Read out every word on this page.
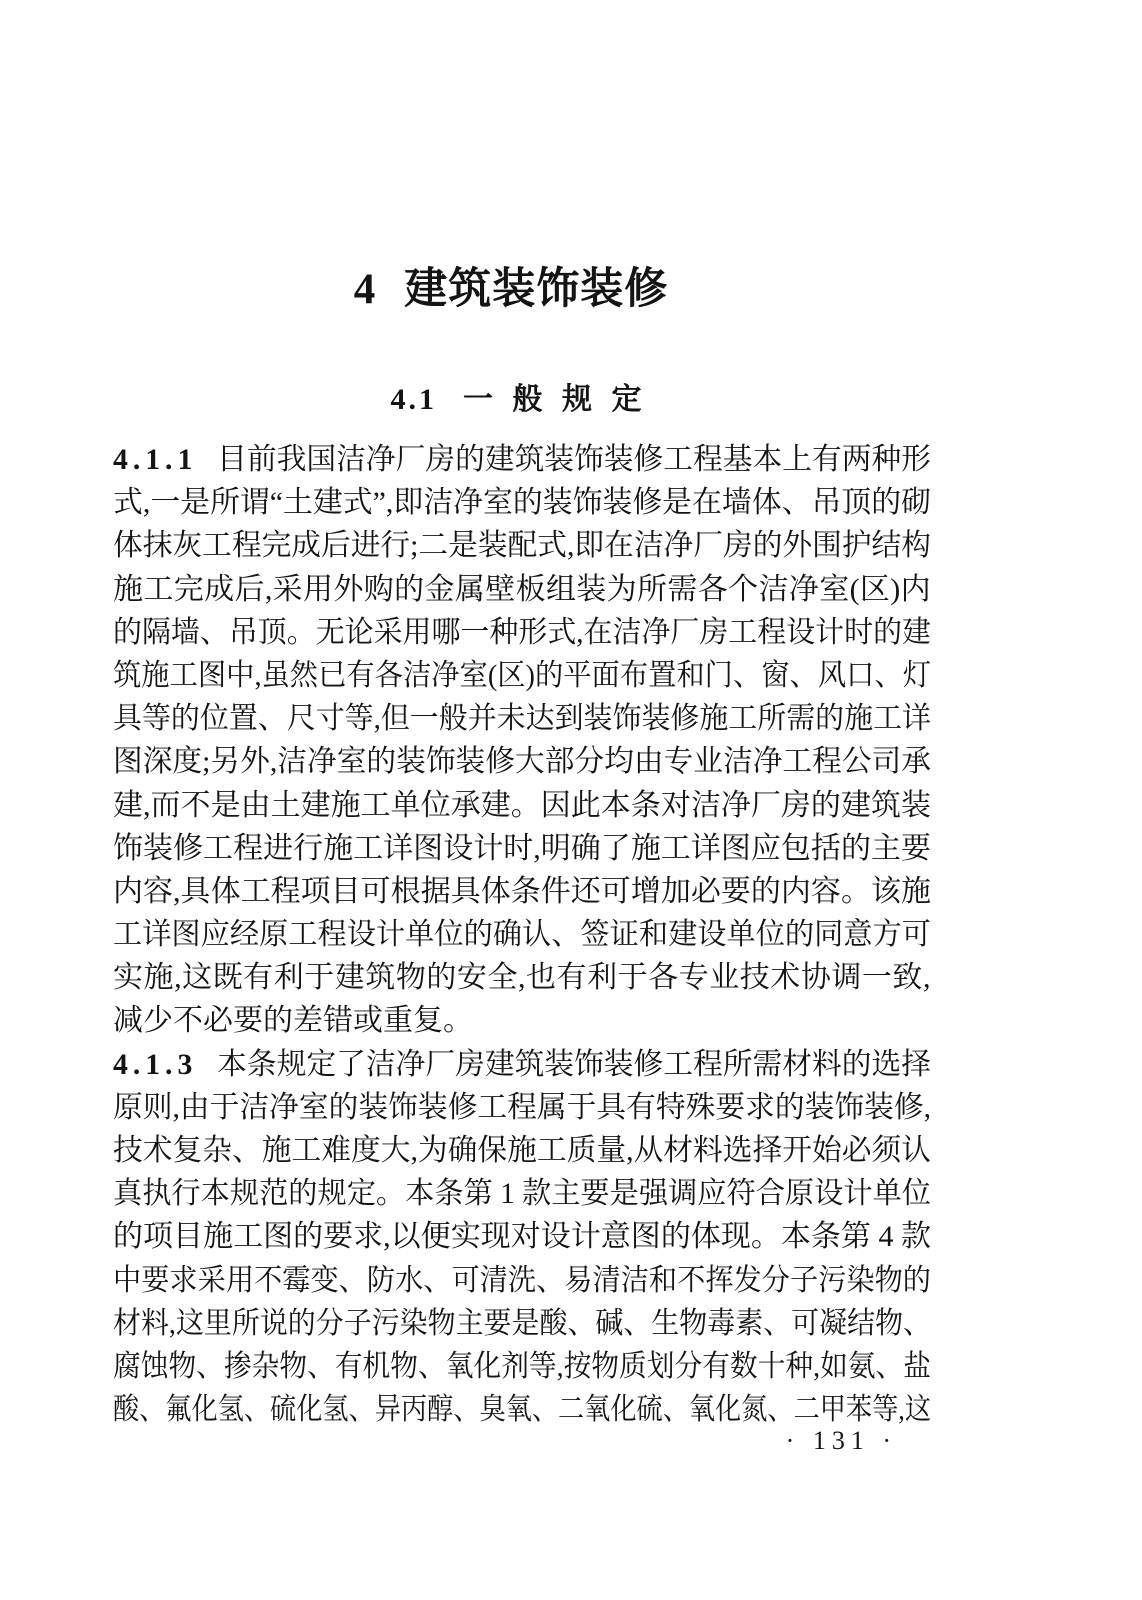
4 建筑装饰装修
4.1 一 般 规 定
4.1.1 目前我国洁净厂房的建筑装饰装修工程基本上有两种形
式,一是所谓“土建式”,即洁净室的装饰装修是在墙体、吊顶的砌
体抹灰工程完成后进行;二是装配式,即在洁净厂房的外围护结构
施工完成后,采用外购的金属壁板组装为所需各个洁净室(区)内
的隔墙、吊顶。无论采用哪一种形式,在洁净厂房工程设计时的建
筑施工图中,虽然已有各洁净室(区)的平面布置和门、窗、风口、灯
具等的位置、尺寸等,但一般并未达到装饰装修施工所需的施工详
图深度;另外,洁净室的装饰装修大部分均由专业洁净工程公司承
建,而不是由土建施工单位承建。因此本条对洁净厂房的建筑装
饰装修工程进行施工详图设计时,明确了施工详图应包括的主要
内容,具体工程项目可根据具体条件还可增加必要的内容。该施
工详图应经原工程设计单位的确认、签证和建设单位的同意方可
实施,这既有利于建筑物的安全,也有利于各专业技术协调一致,
减少不必要的差错或重复。
4.1.3 本条规定了洁净厂房建筑装饰装修工程所需材料的选择
原则,由于洁净室的装饰装修工程属于具有特殊要求的装饰装修,
技术复杂、施工难度大,为确保施工质量,从材料选择开始必须认
真执行本规范的规定。本条第 1 款主要是强调应符合原设计单位
的项目施工图的要求,以便实现对设计意图的体现。本条第 4 款
中要求采用不霉变、防水、可清洗、易清洁和不挥发分子污染物的
材料,这里所说的分子污染物主要是酸、碱、生物毒素、可凝结物、
腐蚀物、掺杂物、有机物、氧化剂等,按物质划分有数十种,如氨、盐
酸、氟化氢、硫化氢、异丙醇、臭氧、二氧化硫、氧化氮、二甲苯等,这
· 131 ·
